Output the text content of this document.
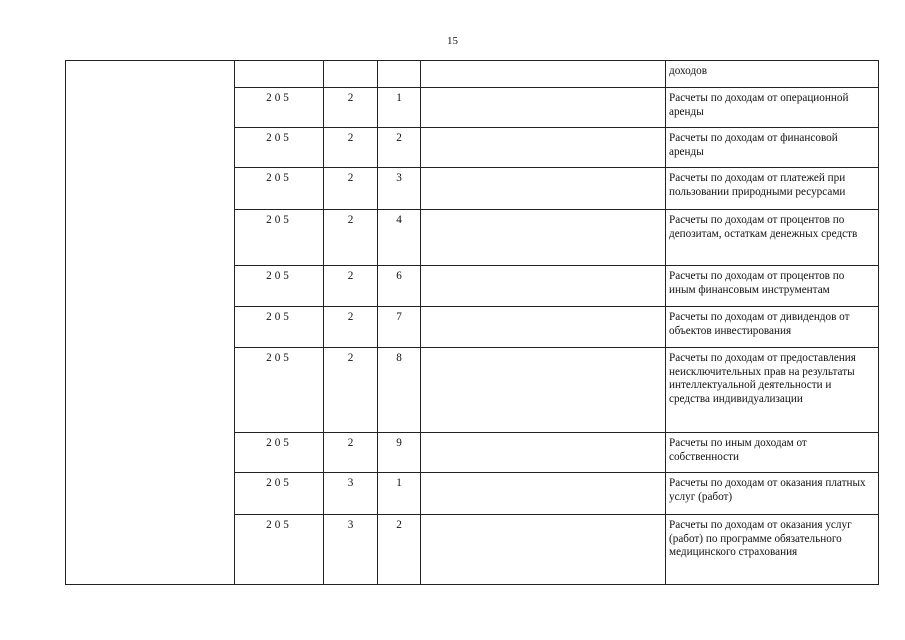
15
					доходов
	205	2	1		Расчеты по доходам от операционной аренды
	205	2	2		Расчеты по доходам от финансовой аренды
	205	2	3		Расчеты по доходам от платежей при пользовании природными ресурсами
	205	2	4		Расчеты по доходам от процентов по депозитам, остаткам денежных средств
	205	2	6		Расчеты по доходам от процентов по иным финансовым инструментам
	205	2	7		Расчеты по доходам от дивидендов от объектов инвестирования
	205	2	8		Расчеты по доходам от предоставления неисключительных прав на результаты интеллектуальной деятельности и средства индивидуализации
	205	2	9		Расчеты по иным доходам от собственности
	205	3	1		Расчеты по доходам от оказания платных услуг (работ)
	205	3	2		Расчеты по доходам от оказания услуг (работ) по программе обязательного медицинского страхования
